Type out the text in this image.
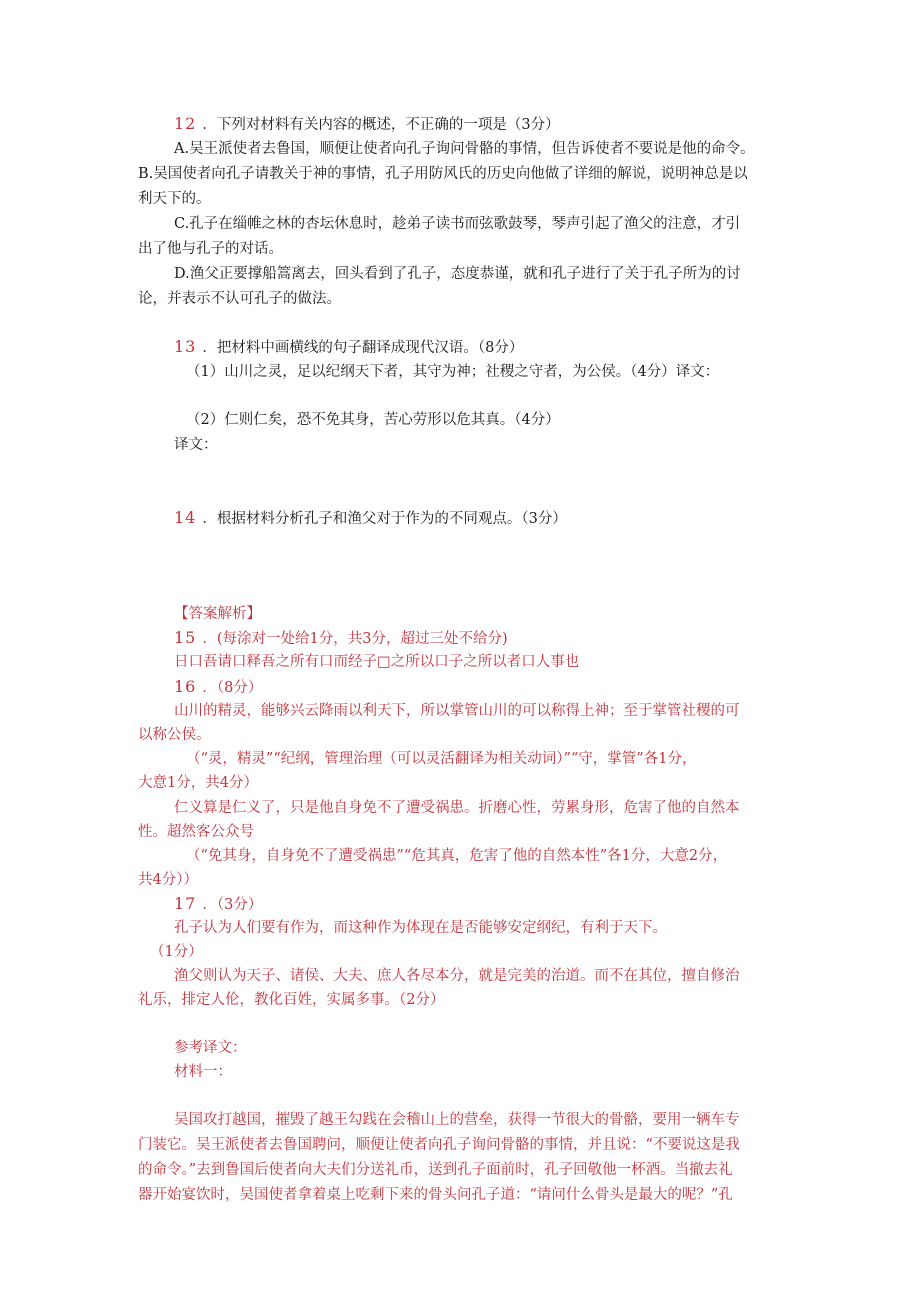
12 ．下列对材料有关内容的概述，不正确的一项是（3分）
A.吴王派使者去鲁国，顺便让使者向孔子询问骨骼的事情，但告诉使者不要说是他的命令。
B.吴国使者向孔子请教关于神的事情，孔子用防风氏的历史向他做了详细的解说，说明神总是以
利天下的。
C.孔子在缁帷之林的杏坛休息时，趁弟子读书而弦歌鼓琴，琴声引起了渔父的注意，才引
出了他与孔子的对话。
D.渔父正要撑船篙离去，回头看到了孔子，态度恭谨，就和孔子进行了关于孔子所为的讨
论，并表示不认可孔子的做法。
13 ．把材料中画横线的句子翻译成现代汉语。（8分）
（1）山川之灵，足以纪纲天下者，其守为神；社稷之守者，为公侯。（4分）译文：
（2）仁则仁矣，恐不免其身，苦心劳形以危其真。（4分）
译文：
14 ．根据材料分析孔子和渔父对于作为的不同观点。（3分）
【答案解析】
15 ．(每涂对一处给1分，共3分，超过三处不给分)
日口吾请口释吾之所有口而经子□之所以口子之所以者口人事也
16 ．（8分）
山川的精灵，能够兴云降雨以利天下，所以掌管山川的可以称得上神；至于掌管社稷的可
以称公侯。
（“灵，精灵”“纪纲，管理治理（可以灵活翻译为相关动词）”“守，掌管”各1分，
大意1分，共4分）
仁义算是仁义了，只是他自身免不了遭受祸患。折磨心性，劳累身形，危害了他的自然本
性。超然客公众号
（“免其身，自身免不了遭受祸患”“危其真，危害了他的自然本性”各1分，大意2分，
共4分））
17 ．（3分）
孔子认为人们要有作为，而这种作为体现在是否能够安定纲纪，有利于天下。
（1分）
渔父则认为天子、诸侯、大夫、庶人各尽本分，就是完美的治道。而不在其位，擅自修治
礼乐，排定人伦，教化百姓，实属多事。（2分）
参考译文：
材料一：
吴国攻打越国，摧毁了越王勾践在会稽山上的营垒，获得一节很大的骨骼，要用一辆车专
门装它。吴王派使者去鲁国聘问，顺便让使者向孔子询问骨骼的事情，并且说：“不要说这是我
的命令。”去到鲁国后使者向大夫们分送礼币，送到孔子面前时，孔子回敬他一杯酒。当撤去礼
器开始宴饮时，吴国使者拿着桌上吃剩下来的骨头问孔子道：“请问什么骨头是最大的呢？”孔
